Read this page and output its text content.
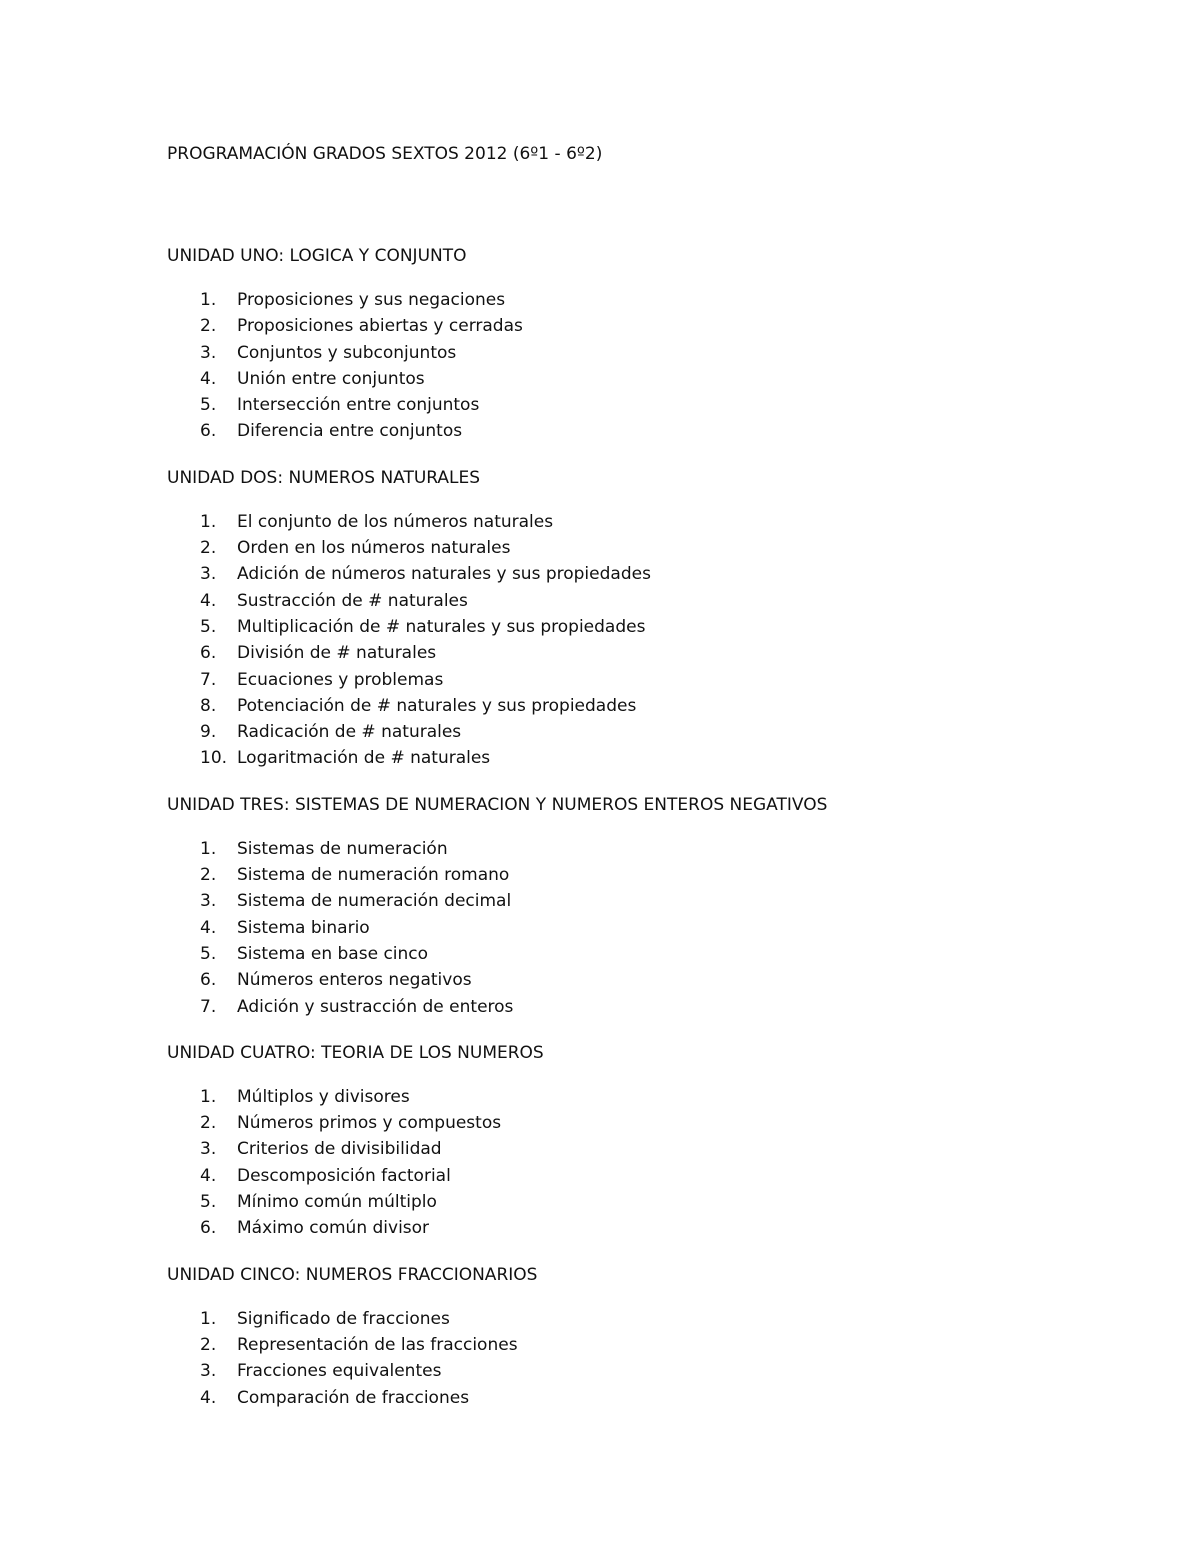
PROGRAMACIÓN GRADOS SEXTOS 2012 (6º1 - 6º2)
UNIDAD UNO: LOGICA Y CONJUNTO
1.	Proposiciones y sus negaciones
2.	Proposiciones abiertas y cerradas
3.	Conjuntos y subconjuntos
4.	Unión entre conjuntos
5.	Intersección entre conjuntos
6.	Diferencia entre conjuntos
UNIDAD DOS: NUMEROS NATURALES
1.	El conjunto de los números naturales
2.	Orden en los números naturales
3.	Adición de números naturales y sus propiedades
4.	Sustracción de # naturales
5.	Multiplicación de # naturales y sus propiedades
6.	División de # naturales
7.	Ecuaciones y problemas
8.	Potenciación de # naturales y sus propiedades
9.	Radicación de # naturales
10. Logaritmación de # naturales
UNIDAD TRES: SISTEMAS DE NUMERACION Y NUMEROS ENTEROS NEGATIVOS
1.	Sistemas de numeración
2.	Sistema de numeración romano
3.	Sistema de numeración decimal
4.	Sistema binario
5.	Sistema en base cinco
6.	Números enteros negativos
7.	Adición y sustracción de enteros
UNIDAD CUATRO: TEORIA DE LOS NUMEROS
1.	Múltiplos y divisores
2.	Números primos y compuestos
3.	Criterios de divisibilidad
4.	Descomposición factorial
5.	Mínimo común múltiplo
6.	Máximo común divisor
UNIDAD CINCO: NUMEROS FRACCIONARIOS
1.	Significado de fracciones
2.	Representación de las fracciones
3.	Fracciones equivalentes
4.	Comparación de fracciones
